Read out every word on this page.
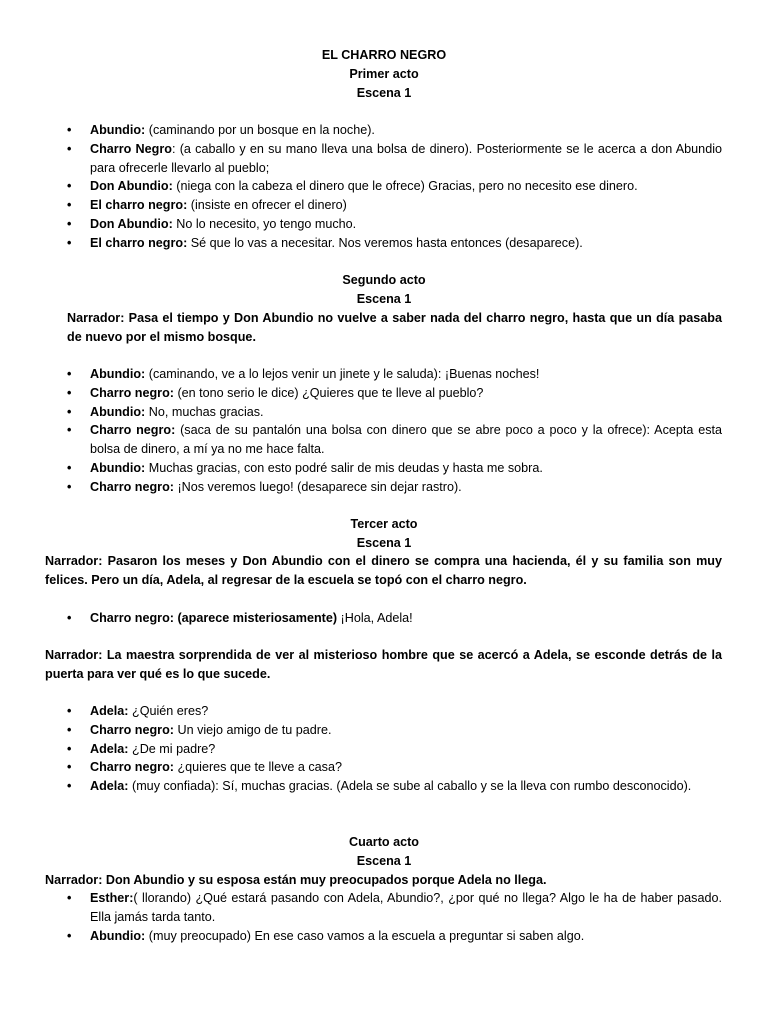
EL CHARRO NEGRO
Primer acto
Escena 1
• Abundio: (caminando por un bosque en la noche).
• Charro Negro: (a caballo y en su mano lleva una bolsa de dinero). Posteriormente se le acerca a don Abundio para ofrecerle llevarlo al pueblo;
• Don Abundio: (niega con la cabeza el dinero que le ofrece) Gracias, pero no necesito ese dinero.
• El charro negro: (insiste en ofrecer el dinero)
• Don Abundio: No lo necesito, yo tengo mucho.
• El charro negro: Sé que lo vas a necesitar. Nos veremos hasta entonces (desaparece).
Segundo acto
Escena 1
Narrador: Pasa el tiempo y Don Abundio no vuelve a saber nada del charro negro, hasta que un día pasaba de nuevo por el mismo bosque.
• Abundio: (caminando, ve a lo lejos venir un jinete y le saluda): ¡Buenas noches!
• Charro negro: (en tono serio le dice) ¿Quieres que te lleve al pueblo?
• Abundio: No, muchas gracias.
• Charro negro: (saca de su pantalón una bolsa con dinero que se abre poco a poco y la ofrece): Acepta esta bolsa de dinero, a mí ya no me hace falta.
• Abundio: Muchas gracias, con esto podré salir de mis deudas y hasta me sobra.
• Charro negro: ¡Nos veremos luego! (desaparece sin dejar rastro).
Tercer acto
Escena 1
Narrador: Pasaron los meses y Don Abundio con el dinero se compra una hacienda, él y su familia son muy felices. Pero un día, Adela, al regresar de la escuela se topó con el charro negro.
• Charro negro: (aparece misteriosamente) ¡Hola, Adela!
Narrador: La maestra sorprendida de ver al misterioso hombre que se acercó a Adela, se esconde detrás de la puerta para ver qué es lo que sucede.
• Adela: ¿Quién eres?
• Charro negro: Un viejo amigo de tu padre.
• Adela: ¿De mi padre?
• Charro negro: ¿quieres que te lleve a casa?
• Adela: (muy confiada): Sí, muchas gracias. (Adela se sube al caballo y se la lleva con rumbo desconocido).
Cuarto acto
Escena 1
Narrador: Don Abundio y su esposa están muy preocupados porque Adela no llega.
• Esther:( llorando) ¿Qué estará pasando con Adela, Abundio?, ¿por qué no llega? Algo le ha de haber pasado. Ella jamás tarda tanto.
• Abundio: (muy preocupado) En ese caso vamos a la escuela a preguntar si saben algo.
